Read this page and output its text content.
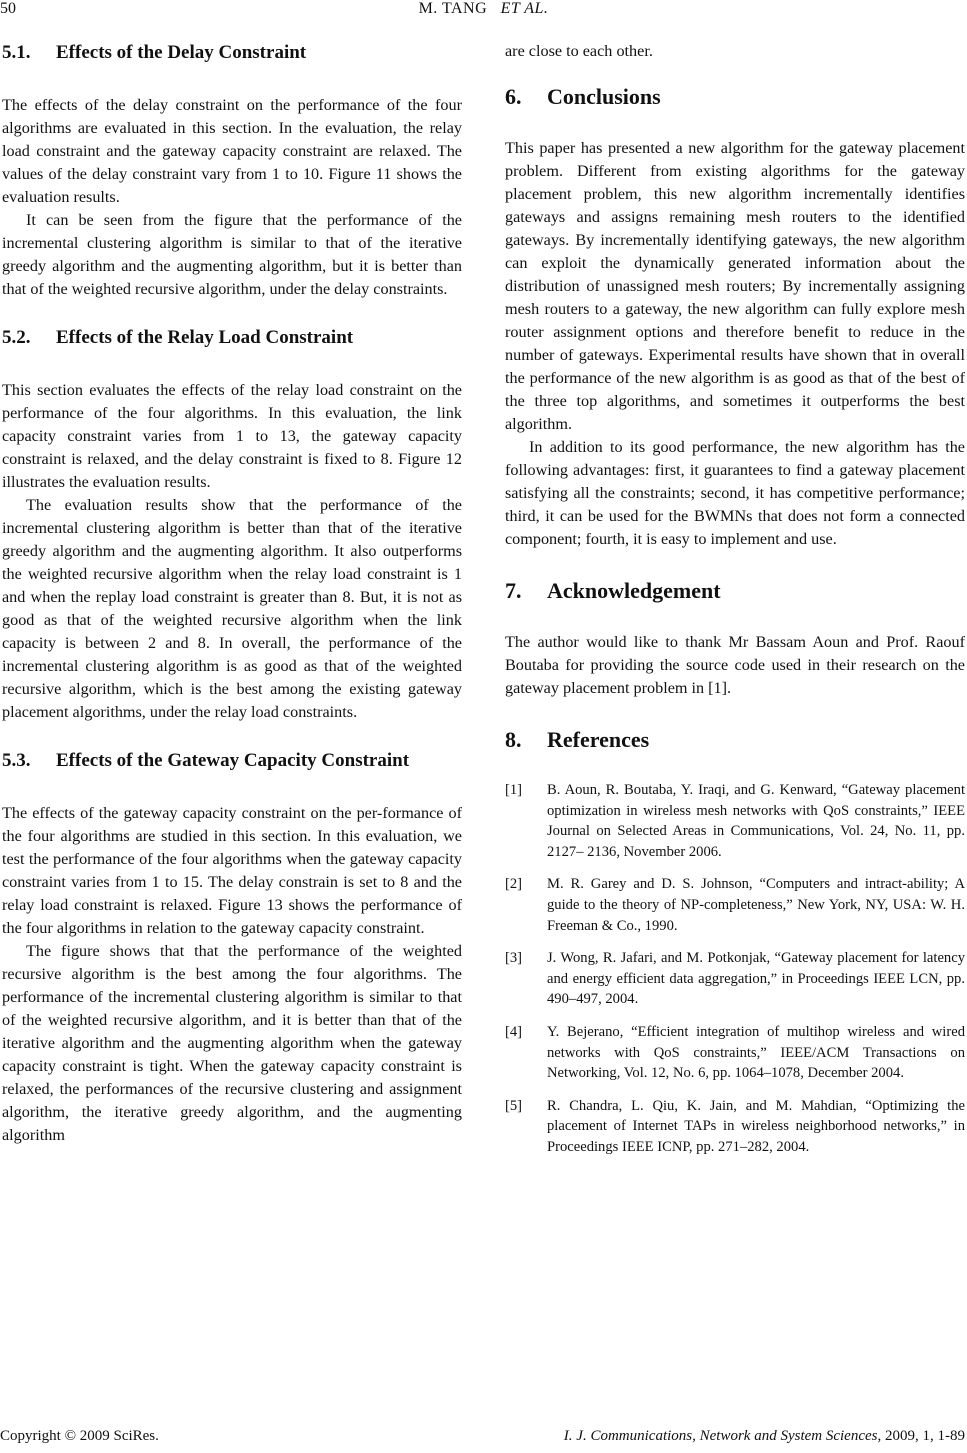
50	M. TANG ET AL.
5.1. Effects of the Delay Constraint

The effects of the delay constraint on the performance of the four algorithms are evaluated in this section. In the evaluation, the relay load constraint and the gateway capacity constraint are relaxed. The values of the delay constraint vary from 1 to 10. Figure 11 shows the evaluation results.

It can be seen from the figure that the performance of the incremental clustering algorithm is similar to that of the iterative greedy algorithm and the augmenting algorithm, but it is better than that of the weighted recursive algorithm, under the delay constraints.

5.2. Effects of the Relay Load Constraint

This section evaluates the effects of the relay load constraint on the performance of the four algorithms. In this evaluation, the link capacity constraint varies from 1 to 13, the gateway capacity constraint is relaxed, and the delay constraint is fixed to 8. Figure 12 illustrates the evaluation results.

The evaluation results show that the performance of the incremental clustering algorithm is better than that of the iterative greedy algorithm and the augmenting algorithm. It also outperforms the weighted recursive algorithm when the relay load constraint is 1 and when the replay load constraint is greater than 8. But, it is not as good as that of the weighted recursive algorithm when the link capacity is between 2 and 8. In overall, the performance of the incremental clustering algorithm is as good as that of the weighted recursive algorithm, which is the best among the existing gateway placement algorithms, under the relay load constraints.

5.3. Effects of the Gateway Capacity Constraint

The effects of the gateway capacity constraint on the per-formance of the four algorithms are studied in this section. In this evaluation, we test the performance of the four algorithms when the gateway capacity constraint varies from 1 to 15. The delay constrain is set to 8 and the relay load constraint is relaxed. Figure 13 shows the performance of the four algorithms in relation to the gateway capacity constraint.

The figure shows that that the performance of the weighted recursive algorithm is the best among the four algorithms. The performance of the incremental clustering algorithm is similar to that of the weighted recursive algorithm, and it is better than that of the iterative algorithm and the augmenting algorithm when the gateway capacity constraint is tight. When the gateway capacity constraint is relaxed, the performances of the recursive clustering and assignment algorithm, the iterative greedy algorithm, and the augmenting algorithm

are close to each other.

6. Conclusions

This paper has presented a new algorithm for the gateway placement problem. Different from existing algorithms for the gateway placement problem, this new algorithm incrementally identifies gateways and assigns remaining mesh routers to the identified gateways. By incrementally identifying gateways, the new algorithm can exploit the dynamically generated information about the distribution of unassigned mesh routers; By incrementally assigning mesh routers to a gateway, the new algorithm can fully explore mesh router assignment options and therefore benefit to reduce in the number of gateways. Experimental results have shown that in overall the performance of the new algorithm is as good as that of the best of the three top algorithms, and sometimes it outperforms the best algorithm.

In addition to its good performance, the new algorithm has the following advantages: first, it guarantees to find a gateway placement satisfying all the constraints; second, it has competitive performance; third, it can be used for the BWMNs that does not form a connected component; fourth, it is easy to implement and use.

7. Acknowledgement

The author would like to thank Mr Bassam Aoun and Prof. Raouf Boutaba for providing the source code used in their research on the gateway placement problem in [1].

8. References
[1]	B. Aoun, R. Boutaba, Y. Iraqi, and G. Kenward, “Gateway placement optimization in wireless mesh networks with QoS constraints,” IEEE Journal on Selected Areas in Communications, Vol. 24, No. 11, pp. 2127– 2136, November 2006.
[2]	M. R. Garey and D. S. Johnson, “Computers and intract-ability; A guide to the theory of NP-completeness,” New York, NY, USA: W. H. Freeman & Co., 1990.
[3]	J. Wong, R. Jafari, and M. Potkonjak, “Gateway placement for latency and energy efficient data aggregation,” in Proceedings IEEE LCN, pp. 490–497, 2004.
[4]	Y. Bejerano, “Efficient integration of multihop wireless and wired networks with QoS constraints,” IEEE/ACM Transactions on Networking, Vol. 12, No. 6, pp. 1064–1078, December 2004.
[5]	R. Chandra, L. Qiu, K. Jain, and M. Mahdian, “Optimizing the placement of Internet TAPs in wireless neighborhood networks,” in Proceedings IEEE ICNP, pp. 271–282, 2004.
Copyright © 2009 SciRes.	I. J. Communications, Network and System Sciences, 2009, 1, 1-89
